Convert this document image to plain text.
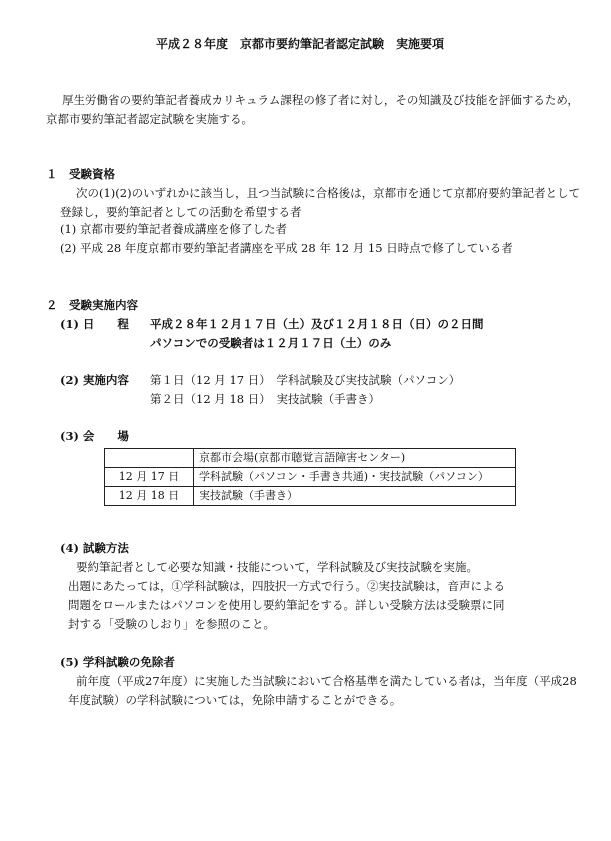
平成２８年度　京都市要約筆記者認定試験　実施要項
厚生労働省の要約筆記者養成カリキュラム課程の修了者に対し，その知識及び技能を評価するため，
京都市要約筆記者認定試験を実施する。
１　受験資格
次の(1)(2)のいずれかに該当し，且つ当試験に合格後は，京都市を通じて京都府要約筆記者として
登録し，要約筆記者としての活動を希望する者
(1) 京都市要約筆記者養成講座を修了した者
(2) 平成 28 年度京都市要約筆記者講座を平成 28 年 12 月 15 日時点で修了している者
２　受験実施内容
(1) 日　　程 平成２８年１２月１７日（土）及び１２月１８日（日）の２日間
パソコンでの受験者は１２月１７日（土）のみ
(2) 実施内容 第１日（12 月 17 日）　学科試験及び実技試験（パソコン）
第２日（12 月 18 日）　実技試験（手書き）
(3) 会　　場
	京都市会場(京都市聴覚言語障害センター)
12 月 17 日	学科試験（パソコン・手書き共通)・実技試験（パソコン）
12 月 18 日	実技試験（手書き）
(4) 試験方法
要約筆記者として必要な知識・技能について，学科試験及び実技試験を実施。
出題にあたっては，①学科試験は，四肢択一方式で行う。②実技試験は，音声による
問題をロールまたはパソコンを使用し要約筆記をする。詳しい受験方法は受験票に同
封する「受験のしおり」を参照のこと。
(5) 学科試験の免除者
前年度（平成27年度）に実施した当試験において合格基準を満たしている者は，当年度（平成28
年度試験）の学科試験については，免除申請することができる。
